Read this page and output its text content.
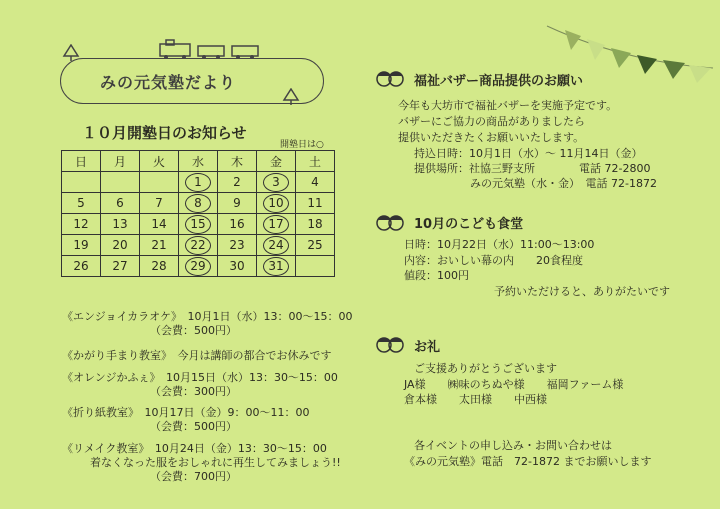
みの元気塾だより
１０月開塾日のお知らせ
開塾日は○
日	月	火	水	木	金	土
			1	2	3	4
5	6	7	8	9	10	11
12	13	14	15	16	17	18
19	20	21	22	23	24	25
26	27	28	29	30	31	
《エンジョイカラオケ》　10月1日（水）13：00〜15：00
（会費：500円）
《かがり手まり教室》　今月は講師の都合でお休みです
《オレンジかふぇ》　10月15日（水）13：30〜15：00
（会費：300円）
《折り紙教室》　10月17日（金）9：00〜11：00
（会費：500円）
《リメイク教室》　10月24日（金）13：30〜15：00
着なくなった服をおしゃれに再生してみましょう!!
（会費：700円）
福祉バザー商品提供のお願い
今年も大坊市で福祉バザーを実施予定です。
バザーにご協力の商品がありましたら
提供いただきたくお願いいたします。
持込日時：10月1日（水）〜 11月14日（金）
提供場所：社協三野支所　　　　電話 72-2800
みの元気塾（水・金）　電話 72-1872
10月のこども食堂
日時：10月22日（水）11:00〜13:00
内容：おいしい幕の内　　20食程度
値段：100円
予約いただけると、ありがたいです
お礼
ご支援ありがとうございます
JA様　　㈱味のちぬや様　　福岡ファーム様
倉本様　　太田様　　中西様
各イベントの申し込み・お問い合わせは
《みの元気塾》電話　72-1872 までお願いします
